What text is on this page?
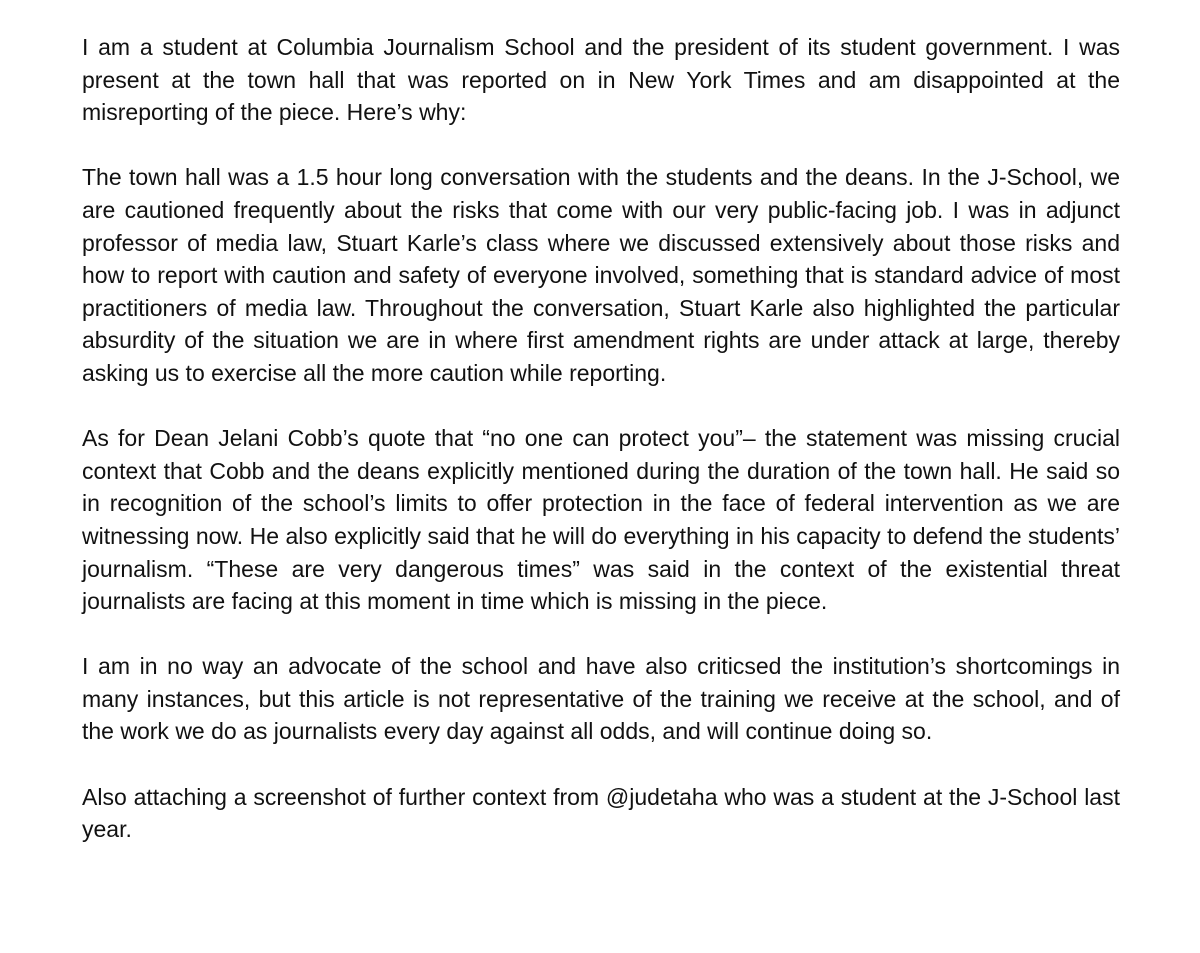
I am a student at Columbia Journalism School and the president of its student government. I was present at the town hall that was reported on in New York Times and am disappointed at the misreporting of the piece. Here’s why:

The town hall was a 1.5 hour long conversation with the students and the deans. In the J-School, we are cautioned frequently about the risks that come with our very public-facing job. I was in adjunct professor of media law, Stuart Karle’s class where we discussed extensively about those risks and how to report with caution and safety of everyone involved, something that is standard advice of most practitioners of media law. Throughout the conversation, Stuart Karle also highlighted the particular absurdity of the situation we are in where first amendment rights are under attack at large, thereby asking us to exercise all the more caution while reporting.

As for Dean Jelani Cobb’s quote that “no one can protect you”– the statement was missing crucial context that Cobb and the deans explicitly mentioned during the duration of the town hall. He said so in recognition of the school’s limits to offer protection in the face of federal intervention as we are witnessing now. He also explicitly said that he will do everything in his capacity to defend the students’ journalism. “These are very dangerous times” was said in the context of the existential threat journalists are facing at this moment in time which is missing in the piece.

I am in no way an advocate of the school and have also criticsed the institution’s shortcomings in many instances, but this article is not representative of the training we receive at the school, and of the work we do as journalists every day against all odds, and will continue doing so.

Also attaching a screenshot of further context from @judetaha who was a student at the J-School last year.
